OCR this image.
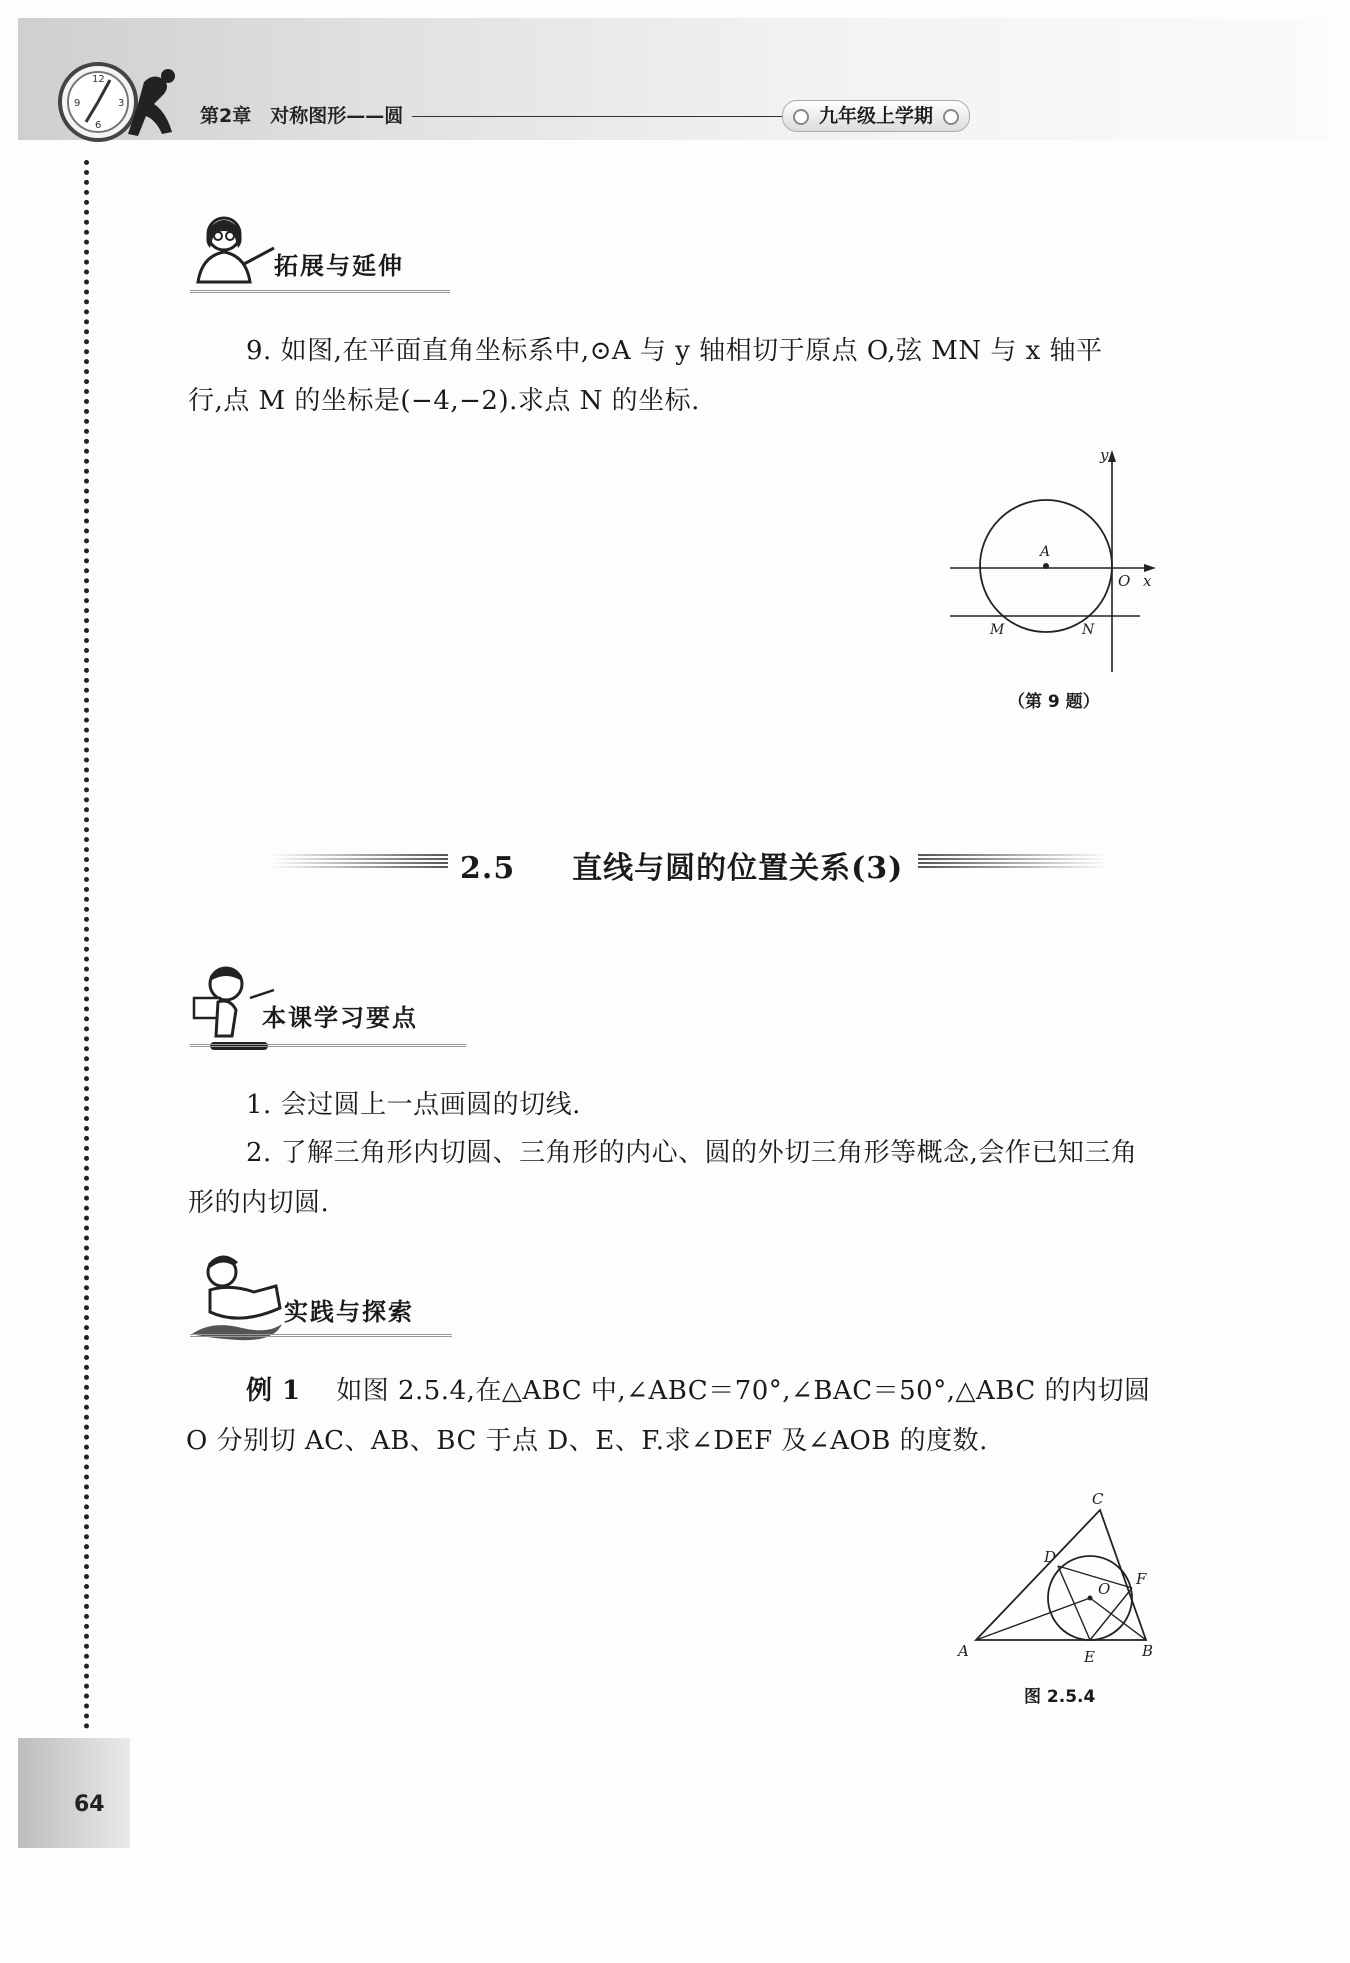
12
3
9
6	第2章　对称图形——圆	九年级上学期
拓展与延伸
9. 如图,在平面直角坐标系中,⊙A 与 y 轴相切于原点 O,弦 MN 与 x 轴平
行,点 M 的坐标是(−4,−2).求点 N 的坐标.
y
x
A
O
M	N
（第 9 题）
2.5 直线与圆的位置关系(3)
本课学习要点
1. 会过圆上一点画圆的切线.
2. 了解三角形内切圆、三角形的内心、圆的外切三角形等概念,会作已知三角
形的内切圆.
实践与探索
例 1 如图 2.5.4,在△ABC 中,∠ABC＝70°,∠BAC＝50°,△ABC 的内切圆
O 分别切 AC、AB、BC 于点 D、E、F.求∠DEF 及∠AOB 的度数.
A	B
C
D
E
F
O
图 2.5.4
64
